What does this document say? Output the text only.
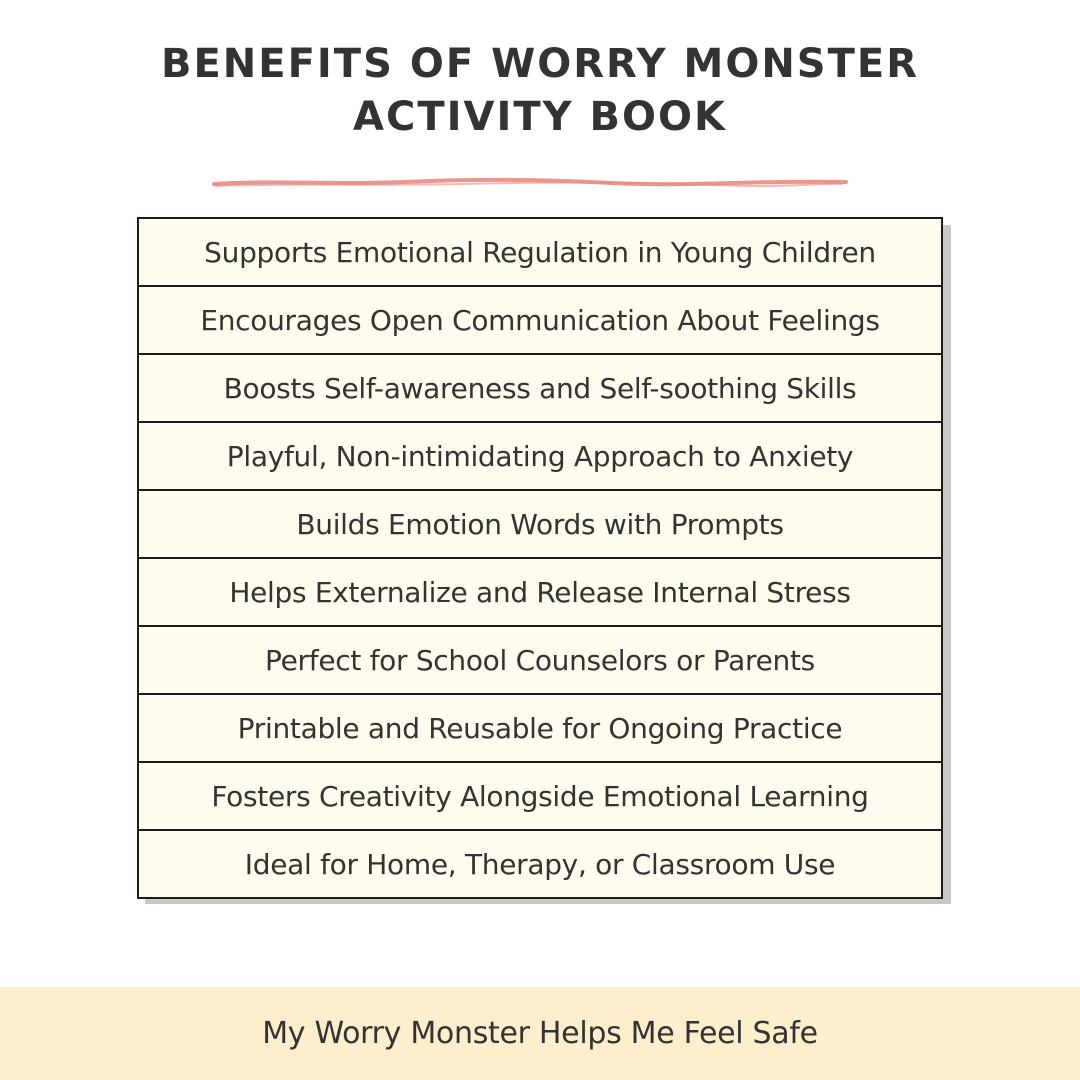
BENEFITS OF WORRY MONSTER
ACTIVITY BOOK
Supports Emotional Regulation in Young Children
Encourages Open Communication About Feelings
Boosts Self-awareness and Self-soothing Skills
Playful, Non-intimidating Approach to Anxiety
Builds Emotion Words with Prompts
Helps Externalize and Release Internal Stress
Perfect for School Counselors or Parents
Printable and Reusable for Ongoing Practice
Fosters Creativity Alongside Emotional Learning
Ideal for Home, Therapy, or Classroom Use
My Worry Monster Helps Me Feel Safe
